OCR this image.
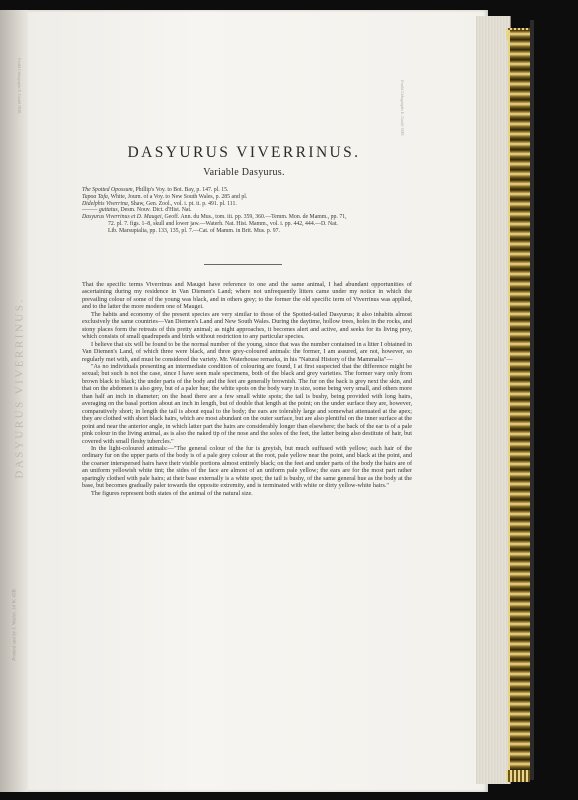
DASYURUS VIVERRINUS.
Printed and by J. Walter, 14 W. 43B.
Ewald Lithographs E. Gould 1848.
Ewald Lithographs E. Gould 1848.
DASYURUS VIVERRINUS.
Variable Dasyurus.
The Spotted Opossum, Phillip's Voy. to Bot. Bay, p. 147. pl. 15.
Tapoa Tafa, White, Journ. of a Voy. to New South Wales, p. 285 and pl.
Didelphis Viverrina, Shaw, Gen. Zool., vol. i. pt. ii. p. 491. pl. 111.
——— guttatus, Desm. Nouv. Dict. d'Hist. Nat.
Dasyurus Viverrinus et D. Maugei, Geoff. Ann. du Mus., tom. iii. pp. 359, 360.—Temm. Mon. de Mamm., pp. 71,
72. pl. 7. figs. 1–8, skull and lower jaw.—Waterh. Nat. Hist. Mamm., vol. i. pp. 442, 444.—D. Nat.
Lib. Marsupialia, pp. 133, 135, pl. 7.—Cat. of Mamm. in Brit. Mus. p. 97.

That the specific terms Viverrinus and Maugei have reference to one and the same animal, I had abundant opportunities of ascertaining during my residence in Van Diemen's Land; where not unfrequently litters came under my notice in which the prevailing colour of some of the young was black, and in others grey; to the former the old specific term of Viverrinus was applied, and to the latter the more modern one of Maugei.

The habits and economy of the present species are very similar to those of the Spotted-tailed Dasyurus; it also inhabits almost exclusively the same countries—Van Diemen's Land and New South Wales. During the daytime, hollow trees, holes in the rocks, and stony places form the retreats of this pretty animal; as night approaches, it becomes alert and active, and seeks for its living prey, which consists of small quadrupeds and birds without restriction to any particular species.

I believe that six will be found to be the normal number of the young, since that was the number contained in a litter I obtained in Van Diemen's Land, of which three were black, and three grey-coloured animals: the former, I am assured, are not, however, so regularly met with, and must be considered the variety. Mr. Waterhouse remarks, in his "Natural History of the Mammalia"—

"As no individuals presenting an intermediate condition of colouring are found, I at first suspected that the difference might be sexual; but such is not the case, since I have seen male specimens, both of the black and grey varieties. The former vary only from brown black to black; the under parts of the body and the feet are generally brownish. The fur on the back is grey next the skin, and that on the abdomen is also grey, but of a paler hue; the white spots on the body vary in size, some being very small, and others more than half an inch in diameter; on the head there are a few small white spots; the tail is bushy, being provided with long hairs, averaging on the basal portion about an inch in length, but of double that length at the point; on the under surface they are, however, comparatively short; in length the tail is about equal to the body; the ears are tolerably large and somewhat attenuated at the apex; they are clothed with short black hairs, which are most abundant on the outer surface, but are also plentiful on the inner surface at the point and near the anterior angle, in which latter part the hairs are considerably longer than elsewhere; the back of the ear is of a pale pink colour in the living animal, as is also the naked tip of the nose and the soles of the feet, the latter being also destitute of hair, but covered with small fleshy tubercles."

In the light-coloured animals:—"The general colour of the fur is greyish, but much suffused with yellow; each hair of the ordinary fur on the upper parts of the body is of a pale grey colour at the root, pale yellow near the point, and black at the point, and the coarser interspersed hairs have their visible portions almost entirely black; on the feet and under parts of the body the hairs are of an uniform yellowish white tint; the sides of the face are almost of an uniform pale yellow; the ears are for the most part rather sparingly clothed with pale hairs; at their base externally is a white spot; the tail is bushy, of the same general hue as the body at the base, but becomes gradually paler towards the opposite extremity, and is terminated with white or dirty yellow-white hairs."

The figures represent both states of the animal of the natural size.
